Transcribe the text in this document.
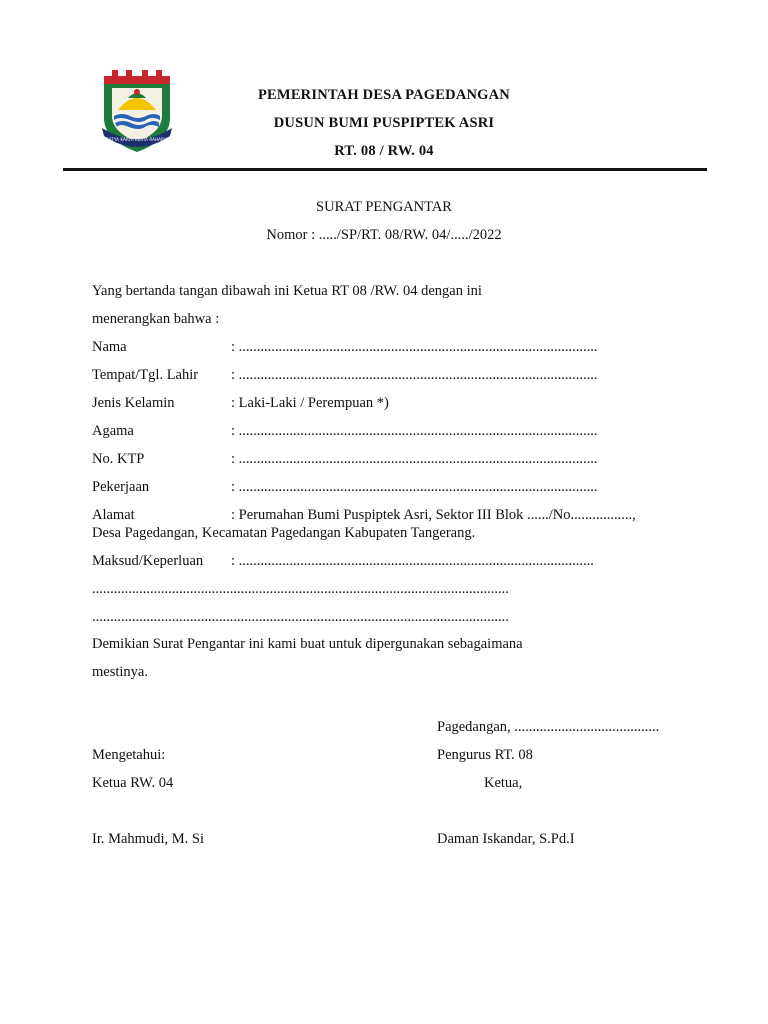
SATYA KARYA KERTA RAHARJA
PEMERINTAH DESA PAGEDANGAN
DUSUN BUMI PUSPIPTEK ASRI
RT. 08 / RW. 04
SURAT PENGANTAR
Nomor : ...../SP/RT. 08/RW. 04/...../2022
Yang bertanda tangan dibawah ini Ketua RT 08 /RW. 04 dengan ini
menerangkan bahwa :
Nama	: ...................................................................................................
Tempat/Tgl. Lahir : ...................................................................................................
Jenis Kelamin	: Laki-Laki / Perempuan *)
Agama	: ...................................................................................................
No. KTP	: ...................................................................................................
Pekerjaan	: ...................................................................................................
Alamat	: Perumahan Bumi Puspiptek Asri, Sektor III Blok ....../No.................,
Desa Pagedangan, Kecamatan Pagedangan Kabupaten Tangerang.
Maksud/Keperluan : ..................................................................................................
...................................................................................................................
...................................................................................................................
Demikian Surat Pengantar ini kami buat untuk dipergunakan sebagaimana
mestinya.
Pagedangan, ........................................
Mengetahui:	Pengurus RT. 08
Ketua RW. 04	Ketua,
Ir. Mahmudi, M. Si	Daman Iskandar, S.Pd.I
